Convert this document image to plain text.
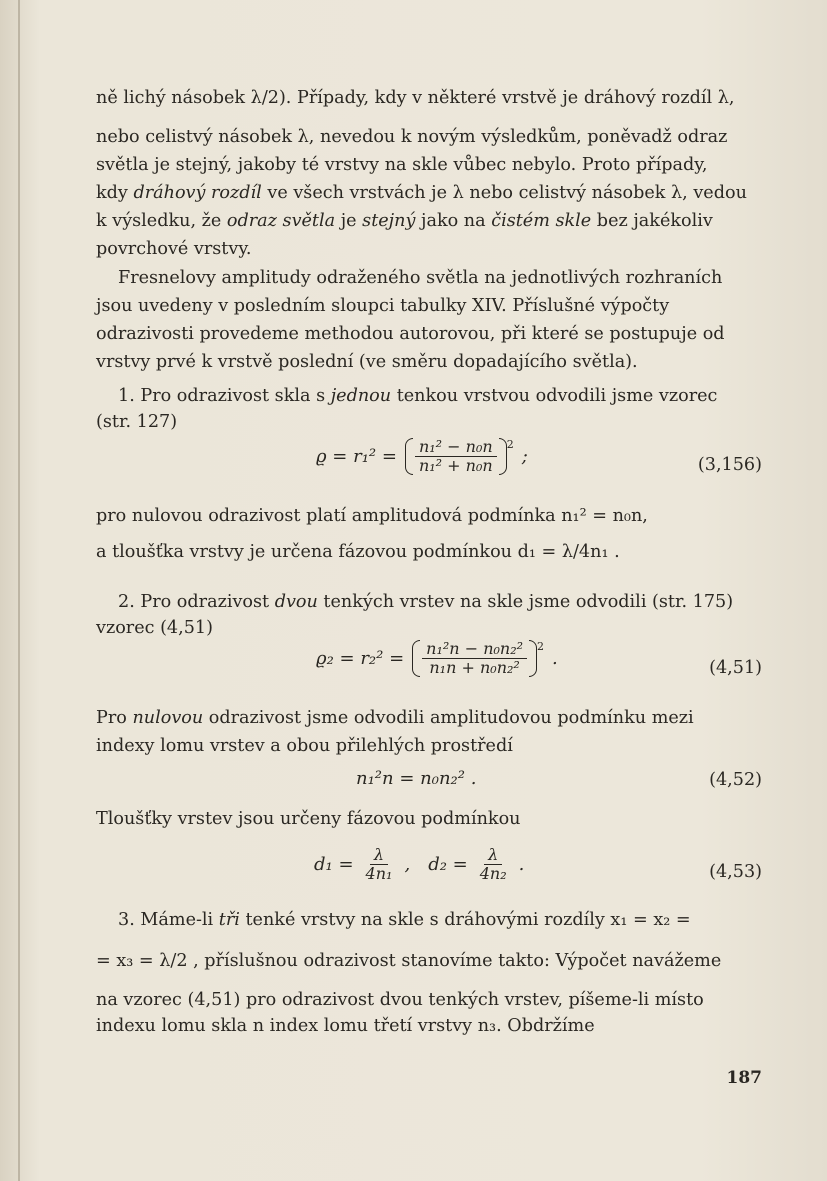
ně lichý násobek λ/2). Případy, kdy v některé vrstvě je dráhový rozdíl λ,
nebo celistvý násobek λ, nevedou k novým výsledkům, poněvadž odraz
světla je stejný, jakoby té vrstvy na skle vůbec nebylo. Proto případy,
kdy dráhový rozdíl ve všech vrstvách je λ nebo celistvý násobek λ, vedou
k výsledku, že odraz světla je stejný jako na čistém skle bez jakékoliv
povrchové vrstvy.
Fresnelovy amplitudy odraženého světla na jednotlivých rozhraních
jsou uvedeny v posledním sloupci tabulky XIV. Příslušné výpočty
odrazivosti provedeme methodou autorovou, při které se postupuje od
vrstvy prvé k vrstvě poslední (ve směru dopadajícího světla).
1. Pro odrazivost skla s jednou tenkou vrstvou odvodili jsme vzorec
(str. 127)
$ϱ = r_1^2 = \frac{\text{n₁² − n₀n}}{\text{n₁² + n₀n}} 2$
;	(3,156)
pro nulovou odrazivost platí amplitudová podmínka n₁² = n₀n,
a tloušťka vrstvy je určena fázovou podmínkou d₁ = λ/4n₁ .
2. Pro odrazivost dvou tenkých vrstev na skle jsme odvodili (str. 175)
vzorec (4,51)
$ϱ_2 = r_2^2 = \frac{\text{n₁²n − n₀n₂²}}{\text{n₁n + n₀n₂²}} 2$
.	(4,51)
Pro nulovou odrazivost jsme odvodili amplitudovou podmínku mezi
indexy lomu vrstev a obou přilehlých prostředí
n₁²n = n₀n₂² .	(4,52)
Tloušťky vrstev jsou určeny fázovou podmínkou
$d_1 = \frac{\lambda}{\text{4n₁}}$ , $d_2 = \frac{\lambda}{\text{4n₂}}$ .	(4,53)
3. Máme-li tři tenké vrstvy na skle s dráhovými rozdíly x₁ = x₂ =
= x₃ = λ/2 , příslušnou odrazivost stanovíme takto: Výpočet navážeme
na vzorec (4,51) pro odrazivost dvou tenkých vrstev, píšeme-li místo
indexu lomu skla n index lomu třetí vrstvy n₃. Obdržíme
187
